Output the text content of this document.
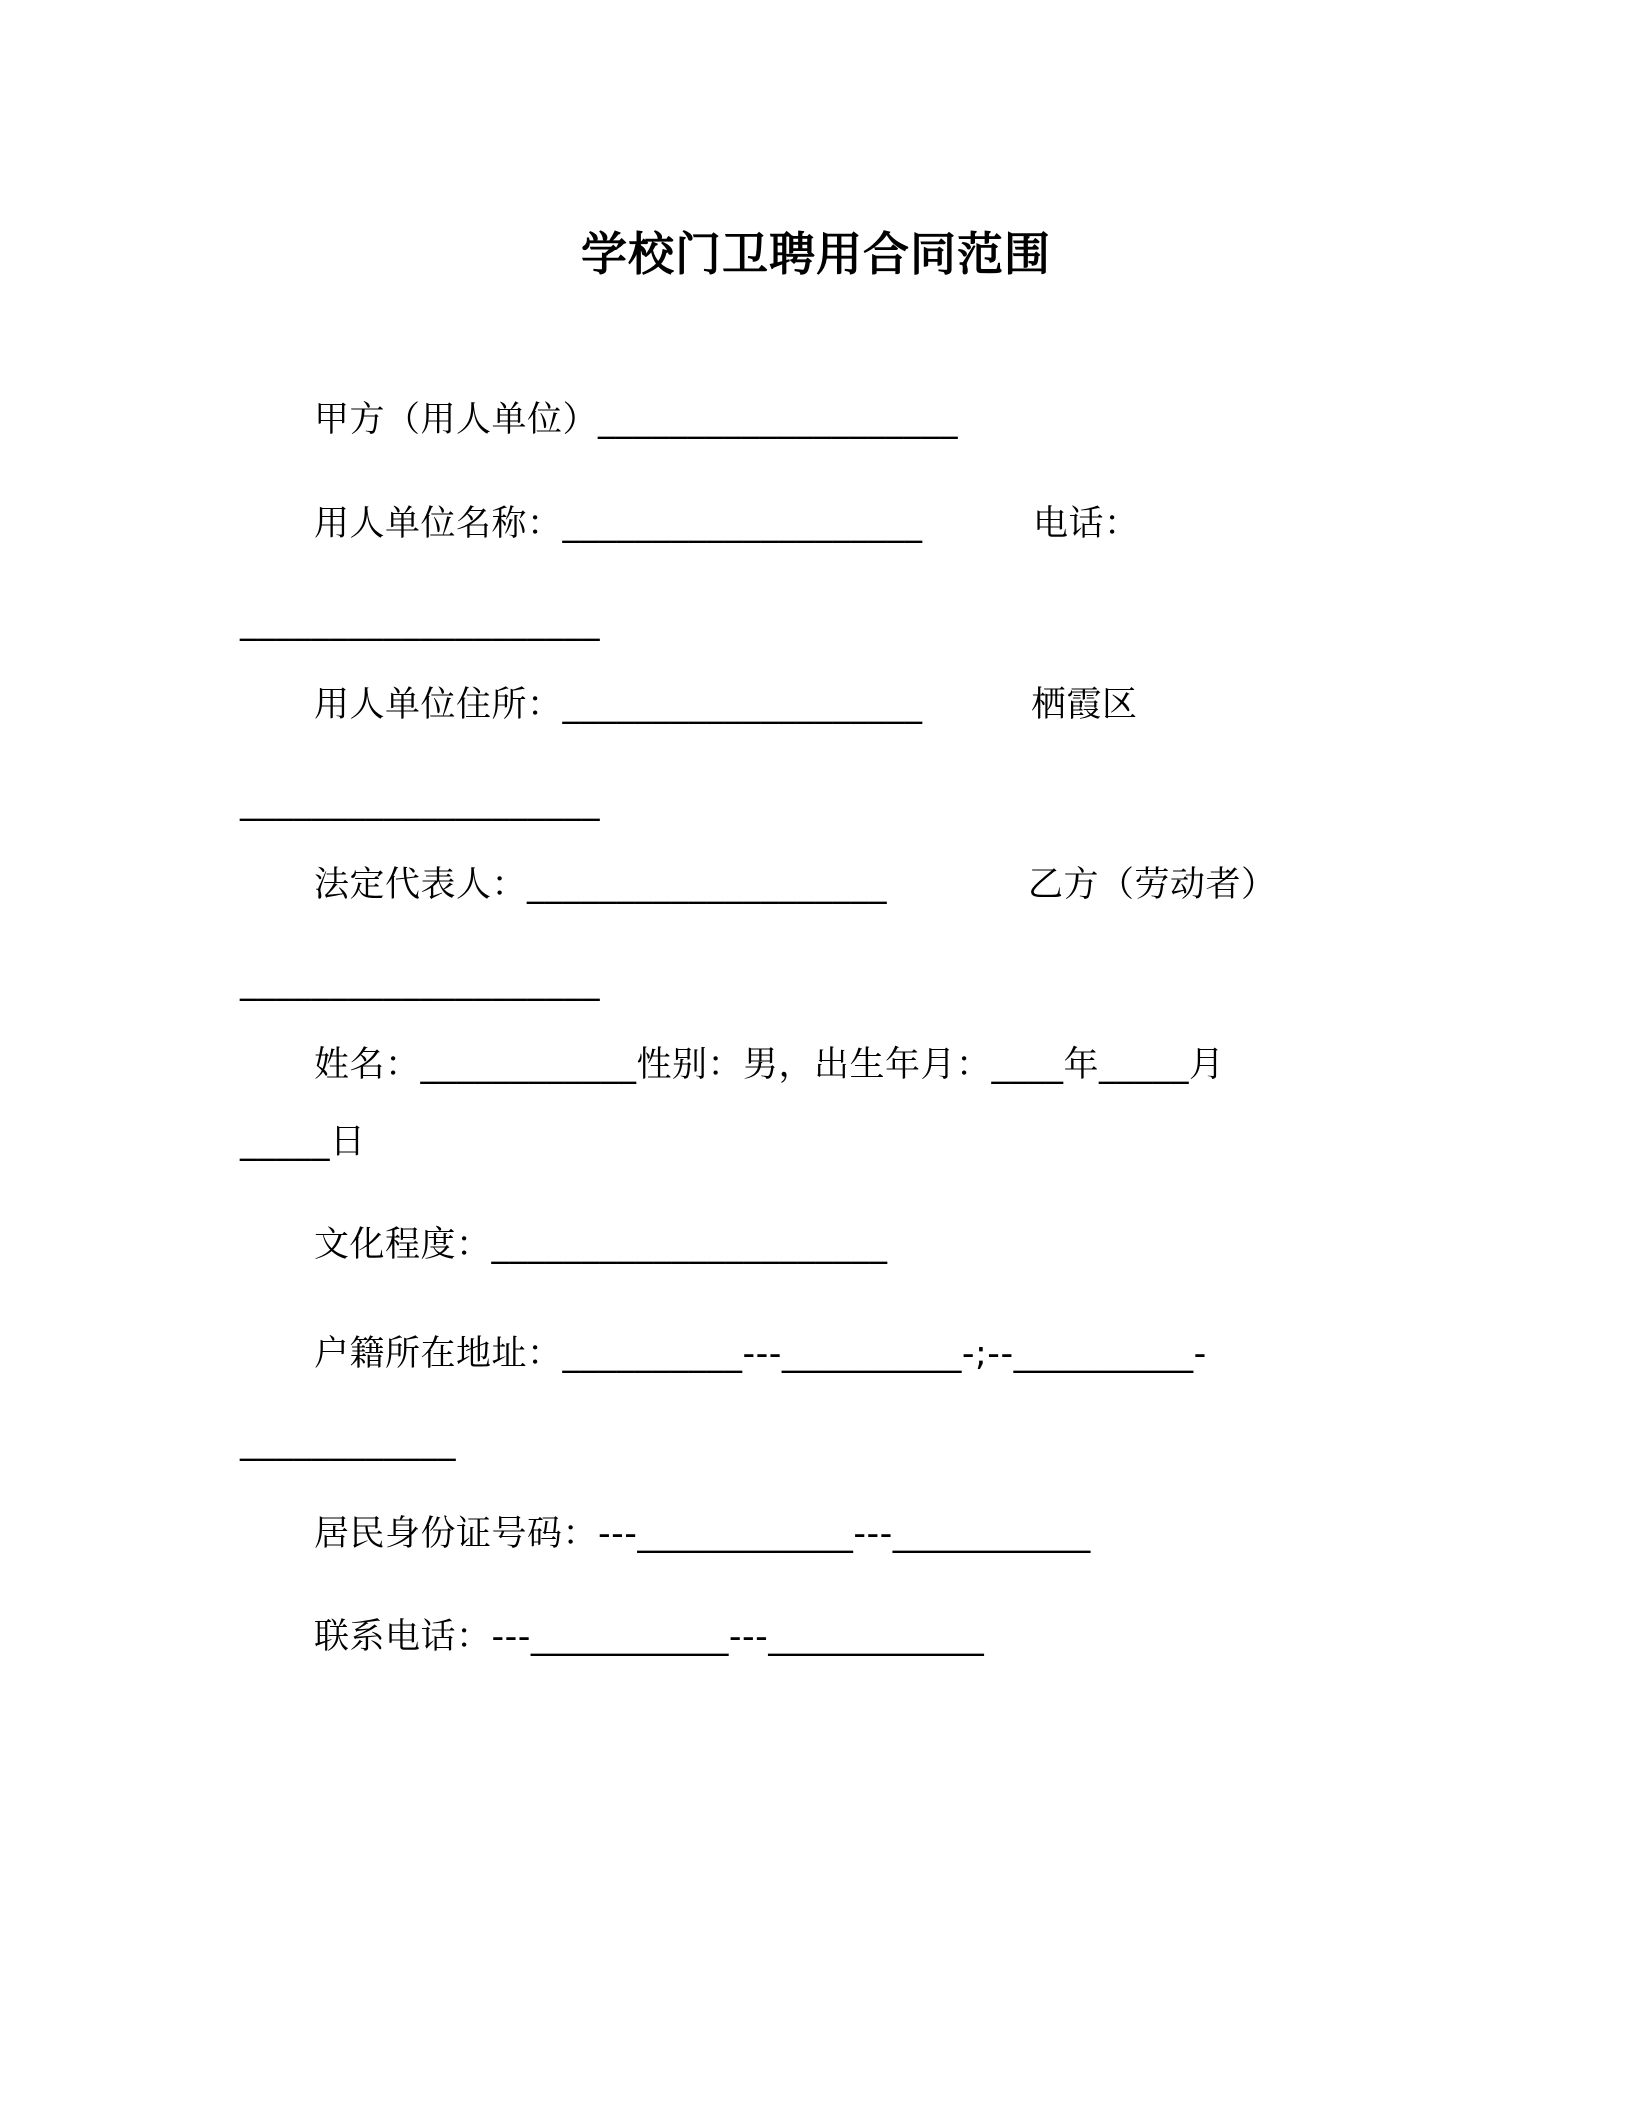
学校门卫聘用合同范围
甲方（用人单位）____________________
用人单位名称：____________________	电话：
____________________
用人单位住所：____________________	栖霞区
____________________
法定代表人：____________________	乙方（劳动者）
____________________
姓名：____________性别：男，出生年月：____年_____月
_____日
文化程度：______________________
户籍所在地址：__________---__________-;--__________-
____________
居民身份证号码：---____________---___________
联系电话：---___________---____________
